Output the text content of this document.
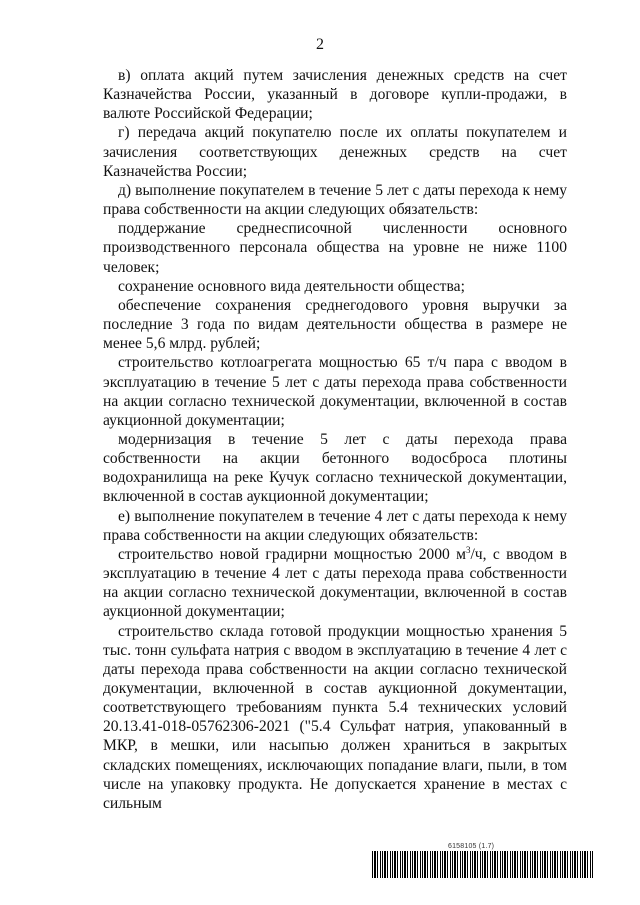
2

в) оплата акций путем зачисления денежных средств на счет Казначейства России, указанный в договоре купли-продажи, в валюте Российской Федерации;

г) передача акций покупателю после их оплаты покупателем и зачисления соответствующих денежных средств на счет Казначейства России;

д) выполнение покупателем в течение 5 лет с даты перехода к нему права собственности на акции следующих обязательств:

поддержание среднесписочной численности основного производственного персонала общества на уровне не ниже 1100 человек;

сохранение основного вида деятельности общества;

обеспечение сохранения среднегодового уровня выручки за последние 3 года по видам деятельности общества в размере не менее 5,6 млрд. рублей;

строительство котлоагрегата мощностью 65 т/ч пара с вводом в эксплуатацию в течение 5 лет с даты перехода права собственности на акции согласно технической документации, включенной в состав аукционной документации;

модернизация в течение 5 лет с даты перехода права собственности на акции бетонного водосброса плотины водохранилища на реке Кучук согласно технической документации, включенной в состав аукционной документации;

е) выполнение покупателем в течение 4 лет с даты перехода к нему права собственности на акции следующих обязательств:

строительство новой градирни мощностью 2000 $м^3/ч$, с вводом в эксплуатацию в течение 4 лет с даты перехода права собственности на акции согласно технической документации, включенной в состав аукционной документации;

строительство склада готовой продукции мощностью хранения 5 тыс. тонн сульфата натрия с вводом в эксплуатацию в течение 4 лет с даты перехода права собственности на акции согласно технической документации, включенной в состав аукционной документации, соответствующего требованиям пункта 5.4 технических условий 20.13.41-018-05762306-2021 ("5.4 Сульфат натрия, упакованный в МКР, в мешки, или насыпью должен храниться в закрытых складских помещениях, исключающих попадание влаги, пыли, в том числе на упаковку продукта. Не допускается хранение в местах с сильным

6158105 (1.7)
